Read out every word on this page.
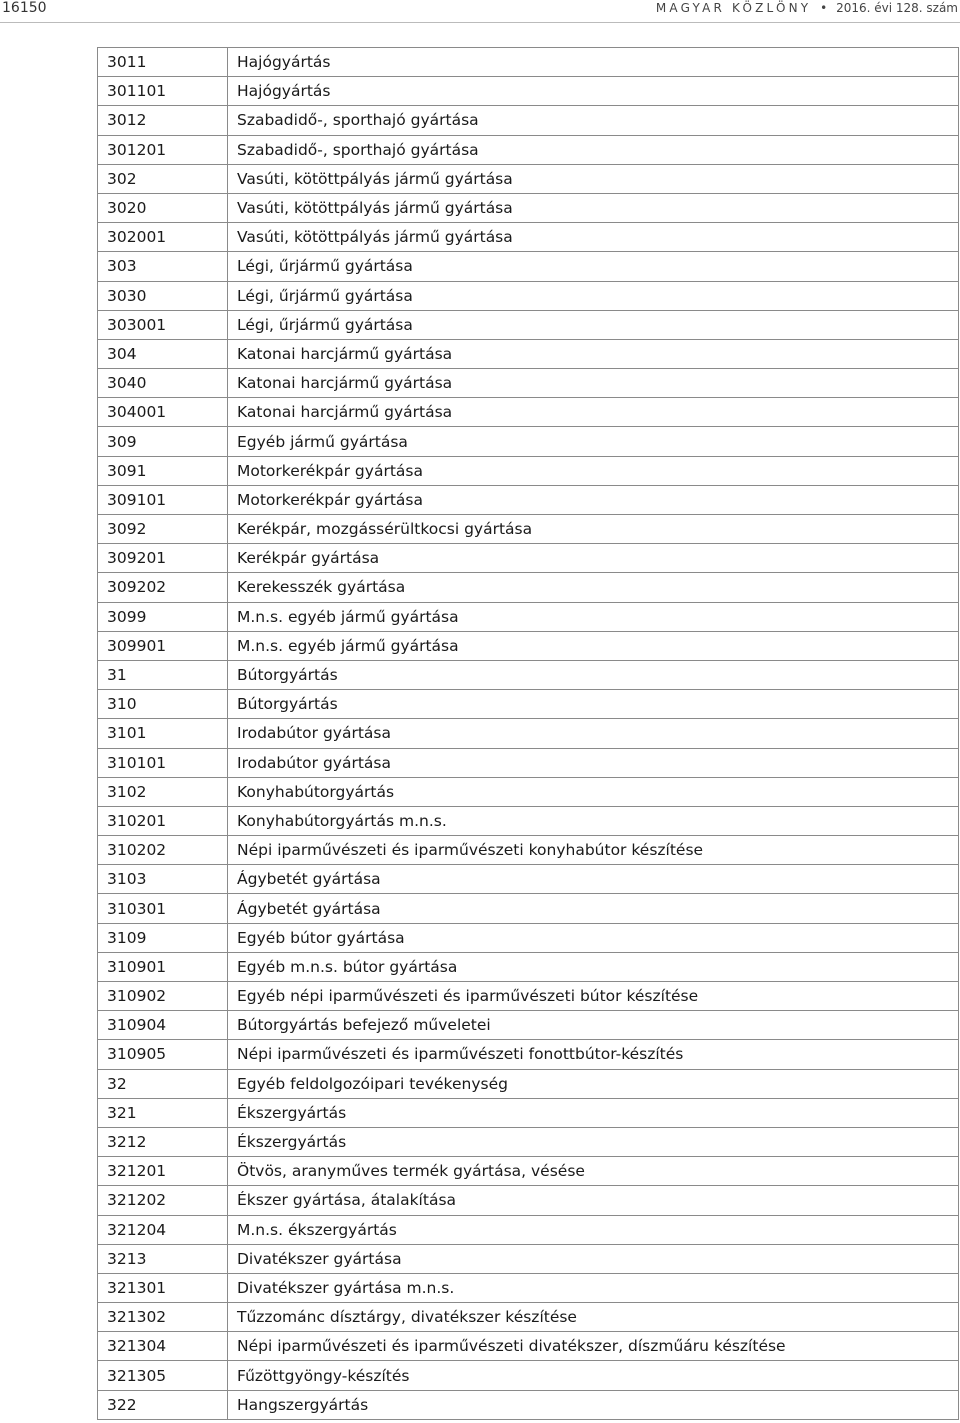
16150	MAGYAR KÖZLÖNY • 2016. évi 128. szám
3011	Hajógyártás
301101	Hajógyártás
3012	Szabadidő-, sporthajó gyártása
301201	Szabadidő-, sporthajó gyártása
302	Vasúti, kötöttpályás jármű gyártása
3020	Vasúti, kötöttpályás jármű gyártása
302001	Vasúti, kötöttpályás jármű gyártása
303	Légi, űrjármű gyártása
3030	Légi, űrjármű gyártása
303001	Légi, űrjármű gyártása
304	Katonai harcjármű gyártása
3040	Katonai harcjármű gyártása
304001	Katonai harcjármű gyártása
309	Egyéb jármű gyártása
3091	Motorkerékpár gyártása
309101	Motorkerékpár gyártása
3092	Kerékpár, mozgássérültkocsi gyártása
309201	Kerékpár gyártása
309202	Kerekesszék gyártása
3099	M.n.s. egyéb jármű gyártása
309901	M.n.s. egyéb jármű gyártása
31	Bútorgyártás
310	Bútorgyártás
3101	Irodabútor gyártása
310101	Irodabútor gyártása
3102	Konyhabútorgyártás
310201	Konyhabútorgyártás m.n.s.
310202	Népi iparművészeti és iparművészeti konyhabútor készítése
3103	Ágybetét gyártása
310301	Ágybetét gyártása
3109	Egyéb bútor gyártása
310901	Egyéb m.n.s. bútor gyártása
310902	Egyéb népi iparművészeti és iparművészeti bútor készítése
310904	Bútorgyártás befejező műveletei
310905	Népi iparművészeti és iparművészeti fonottbútor-készítés
32	Egyéb feldolgozóipari tevékenység
321	Ékszergyártás
3212	Ékszergyártás
321201	Ötvös, aranyműves termék gyártása, vésése
321202	Ékszer gyártása, átalakítása
321204	M.n.s. ékszergyártás
3213	Divatékszer gyártása
321301	Divatékszer gyártása m.n.s.
321302	Tűzzománc dísztárgy, divatékszer készítése
321304	Népi iparművészeti és iparművészeti divatékszer, díszműáru készítése
321305	Fűzöttgyöngy-készítés
322	Hangszergyártás
